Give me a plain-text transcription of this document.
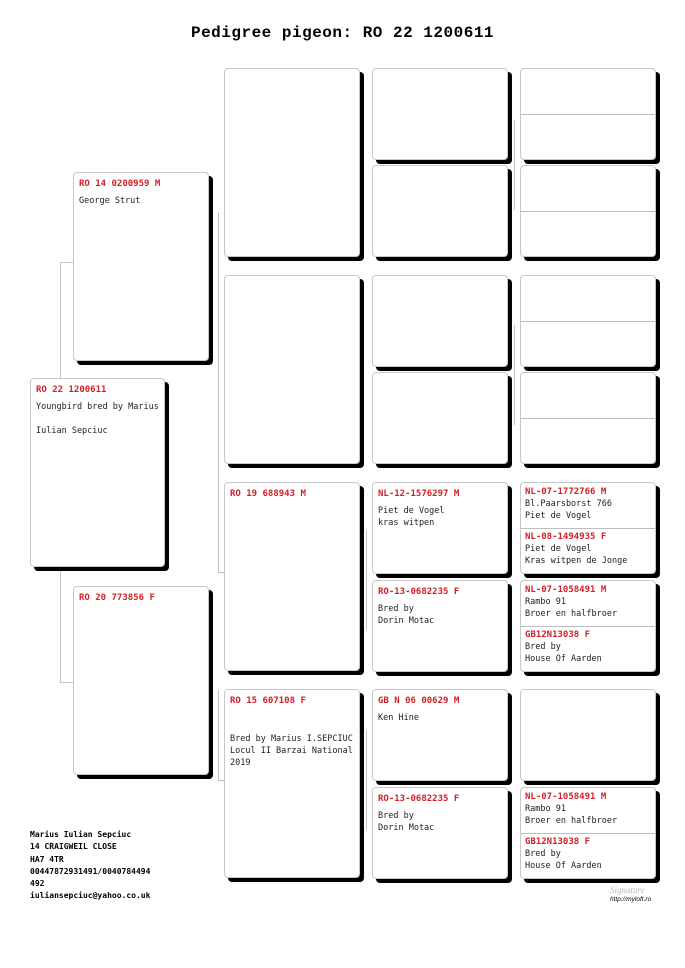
Pedigree pigeon: RO 22 1200611
RO 22 1200611
Youngbird bred by Marius

Iulian Sepciuc
RO 14 0200959 M
George Strut
RO 20 773856 F
RO 19 688943 M
RO 15 607108 F
Bred by Marius I.SEPCIUC
Locul II Barzai National
2019
NL-12-1576297 M
Piet de Vogel
kras witpen
RO-13-0682235 F
Bred by
Dorin Motac
GB N 06 00629 M
Ken Hine
RO-13-0682235 F
Bred by
Dorin Motac
NL-07-1772766 M
Bl.Paarsborst 766
Piet de Vogel
NL-08-1494935 F
Piet de Vogel
Kras witpen de Jonge
NL-07-1058491 M
Rambo 91
Broer en halfbroer
GB12N13038 F
Bred by
House Of Aarden
NL-07-1058491 M
Rambo 91
Broer en halfbroer
GB12N13038 F
Bred by
House Of Aarden
Marius Iulian Sepciuc
14 CRAIGWEIL CLOSE
HA7 4TR
00447872931491/0040784494
492
iuliansepciuc@yahoo.co.uk
Signature
http://myloft.ro
